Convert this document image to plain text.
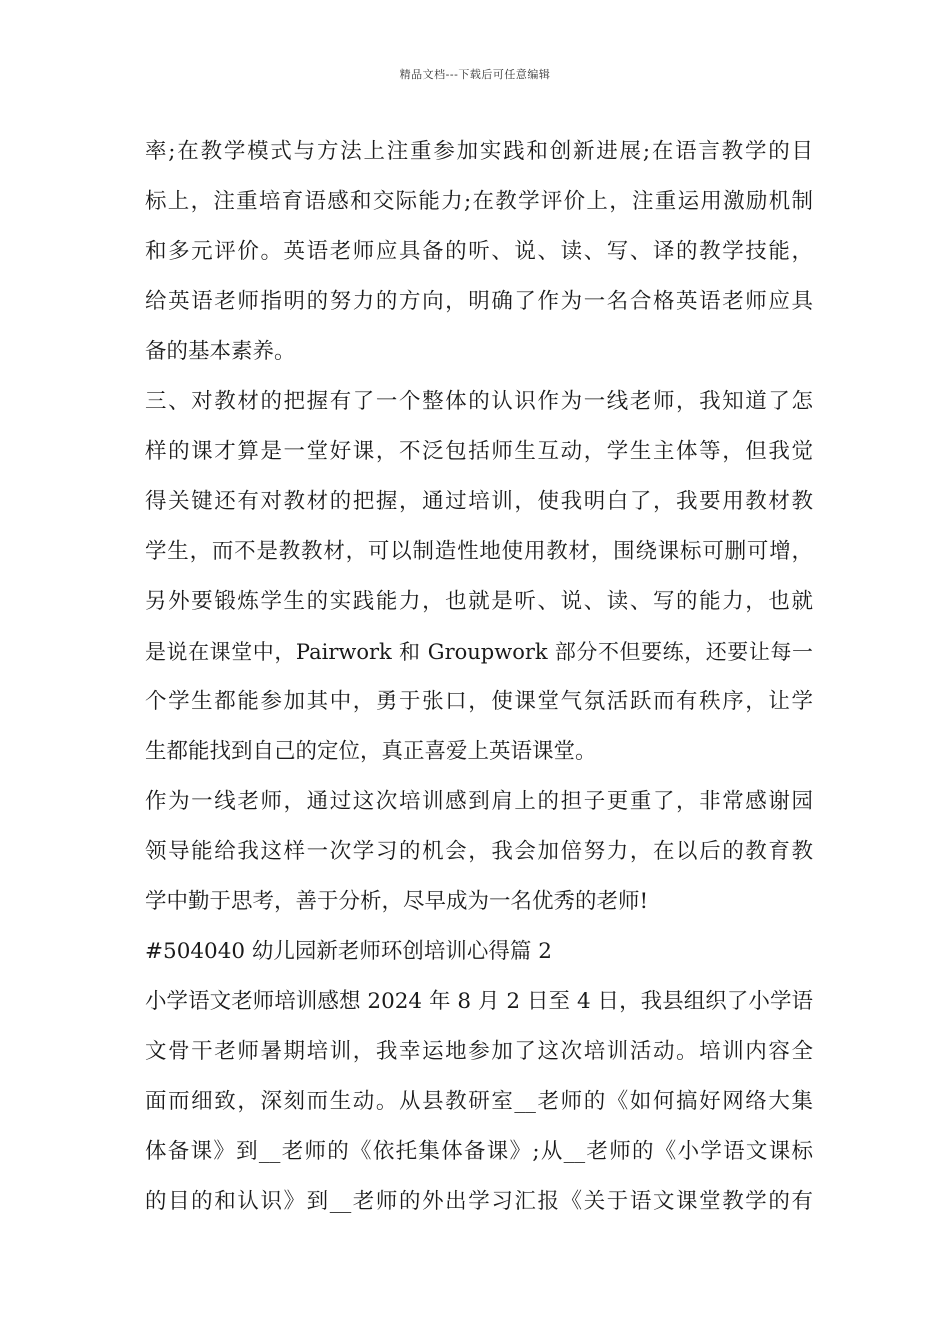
精品文档---下载后可任意编辑
率;在教学模式与方法上注重参加实践和创新进展;在语言教学的目
标上，注重培育语感和交际能力;在教学评价上，注重运用激励机制
和多元评价。英语老师应具备的听、说、读、写、译的教学技能，
给英语老师指明的努力的方向，明确了作为一名合格英语老师应具
备的基本素养。
三、对教材的把握有了一个整体的认识作为一线老师，我知道了怎
样的课才算是一堂好课，不泛包括师生互动，学生主体等，但我觉
得关键还有对教材的把握，通过培训，使我明白了，我要用教材教
学生，而不是教教材，可以制造性地使用教材，围绕课标可删可增，
另外要锻炼学生的实践能力，也就是听、说、读、写的能力，也就
是说在课堂中，Pairwork 和 Groupwork 部分不但要练，还要让每一
个学生都能参加其中，勇于张口，使课堂气氛活跃而有秩序，让学
生都能找到自己的定位，真正喜爱上英语课堂。
作为一线老师，通过这次培训感到肩上的担子更重了，非常感谢园
领导能给我这样一次学习的机会，我会加倍努力，在以后的教育教
学中勤于思考，善于分析，尽早成为一名优秀的老师!
#504040 幼儿园新老师环创培训心得篇 2
小学语文老师培训感想 2024 年 8 月 2 日至 4 日，我县组织了小学语
文骨干老师暑期培训，我幸运地参加了这次培训活动。培训内容全
面而细致，深刻而生动。从县教研室__老师的《如何搞好网络大集
体备课》到__老师的《依托集体备课》;从__老师的《小学语文课标
的目的和认识》到__老师的外出学习汇报《关于语文课堂教学的有
